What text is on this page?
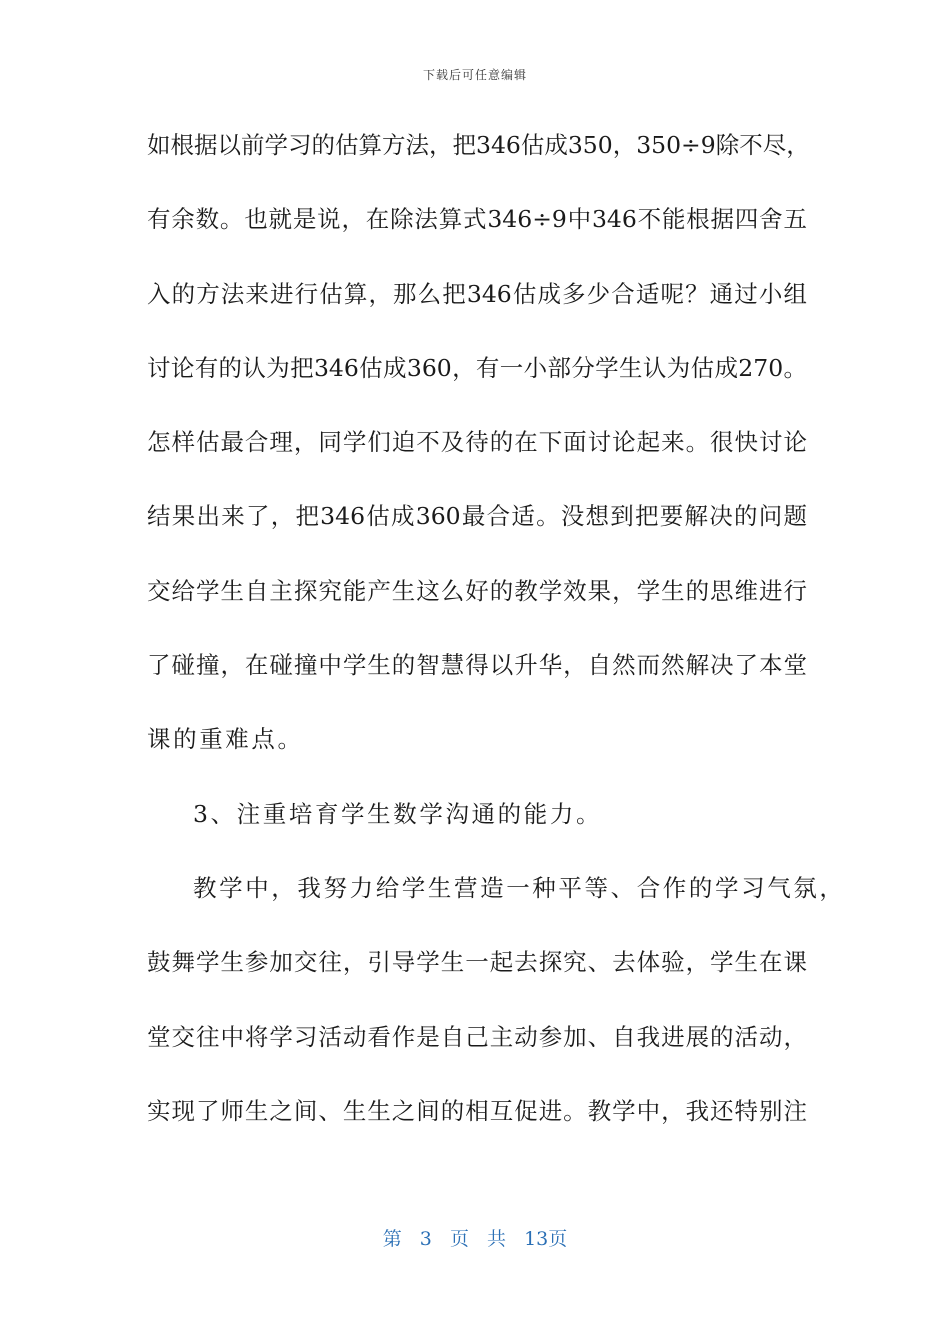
下载后可任意编辑
如根据以前学习的估算方法，把346估成350，350÷9除不尽，
有余数。也就是说，在除法算式346÷9中346不能根据四舍五
入的方法来进行估算，那么把346估成多少合适呢？通过小组
讨论有的认为把346估成360，有一小部分学生认为估成270。
怎样估最合理，同学们迫不及待的在下面讨论起来。很快讨论
结果出来了，把346估成360最合适。没想到把要解决的问题
交给学生自主探究能产生这么好的教学效果，学生的思维进行
了碰撞，在碰撞中学生的智慧得以升华，自然而然解决了本堂
课的重难点。
3、注重培育学生数学沟通的能力。
教学中，我努力给学生营造一种平等、合作的学习气氛，
鼓舞学生参加交往，引导学生一起去探究、去体验，学生在课
堂交往中将学习活动看作是自己主动参加、自我进展的活动，
实现了师生之间、生生之间的相互促进。教学中，我还特别注
第 3 页 共 13页
